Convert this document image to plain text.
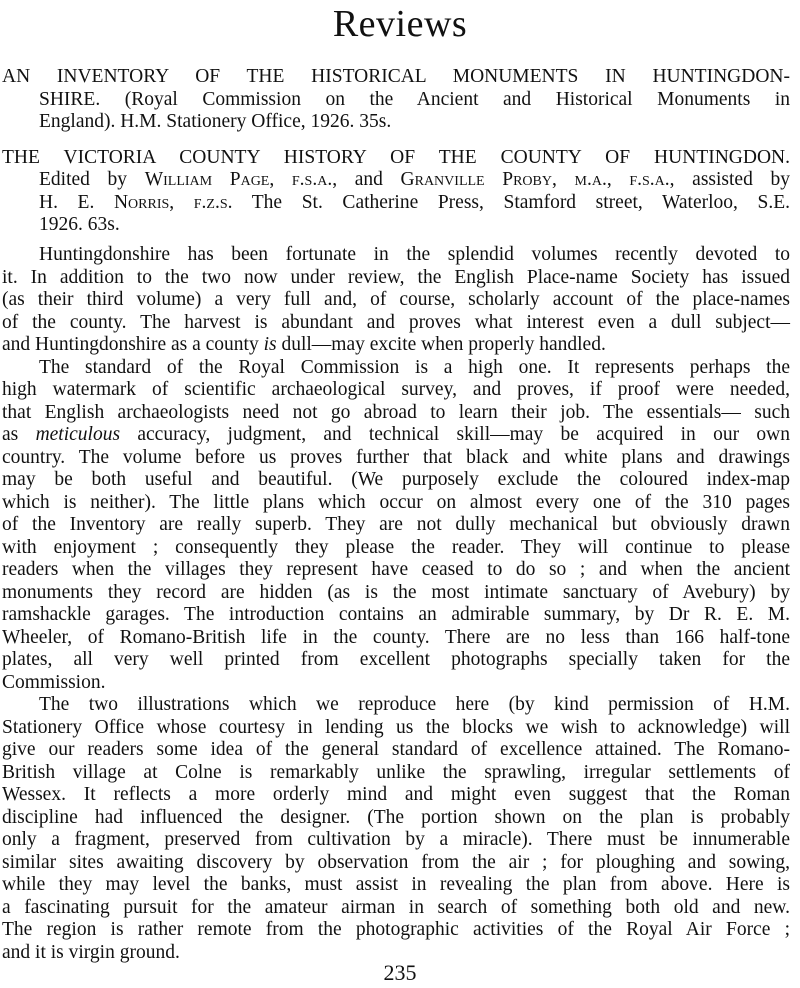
Reviews
AN INVENTORY OF THE HISTORICAL MONUMENTS IN HUNTINGDON-
SHIRE. (Royal Commission on the Ancient and Historical Monuments in
England). H.M. Stationery Office, 1926. 35s.
THE VICTORIA COUNTY HISTORY OF THE COUNTY OF HUNTINGDON.
Edited by William Page, f.s.a., and Granville Proby, m.a., f.s.a., assisted by
H. E. Norris, f.z.s. The St. Catherine Press, Stamford street, Waterloo, S.E.
1926. 63s.
Huntingdonshire has been fortunate in the splendid volumes recently devoted to
it. In addition to the two now under review, the English Place-name Society has issued
(as their third volume) a very full and, of course, scholarly account of the place-names
of the county. The harvest is abundant and proves what interest even a dull subject—
and Huntingdonshire as a county is dull—may excite when properly handled.
The standard of the Royal Commission is a high one. It represents perhaps the
high watermark of scientific archaeological survey, and proves, if proof were needed,
that English archaeologists need not go abroad to learn their job. The essentials— such
as meticulous accuracy, judgment, and technical skill—may be acquired in our own
country. The volume before us proves further that black and white plans and drawings
may be both useful and beautiful. (We purposely exclude the coloured index-map
which is neither). The little plans which occur on almost every one of the 310 pages
of the Inventory are really superb. They are not dully mechanical but obviously drawn
with enjoyment ; consequently they please the reader. They will continue to please
readers when the villages they represent have ceased to do so ; and when the ancient
monuments they record are hidden (as is the most intimate sanctuary of Avebury) by
ramshackle garages. The introduction contains an admirable summary, by Dr R. E. M.
Wheeler, of Romano-British life in the county. There are no less than 166 half-tone
plates, all very well printed from excellent photographs specially taken for the
Commission.
The two illustrations which we reproduce here (by kind permission of H.M.
Stationery Office whose courtesy in lending us the blocks we wish to acknowledge) will
give our readers some idea of the general standard of excellence attained. The Romano-
British village at Colne is remarkably unlike the sprawling, irregular settlements of
Wessex. It reflects a more orderly mind and might even suggest that the Roman
discipline had influenced the designer. (The portion shown on the plan is probably
only a fragment, preserved from cultivation by a miracle). There must be innumerable
similar sites awaiting discovery by observation from the air ; for ploughing and sowing,
while they may level the banks, must assist in revealing the plan from above. Here is
a fascinating pursuit for the amateur airman in search of something both old and new.
The region is rather remote from the photographic activities of the Royal Air Force ;
and it is virgin ground.
235
